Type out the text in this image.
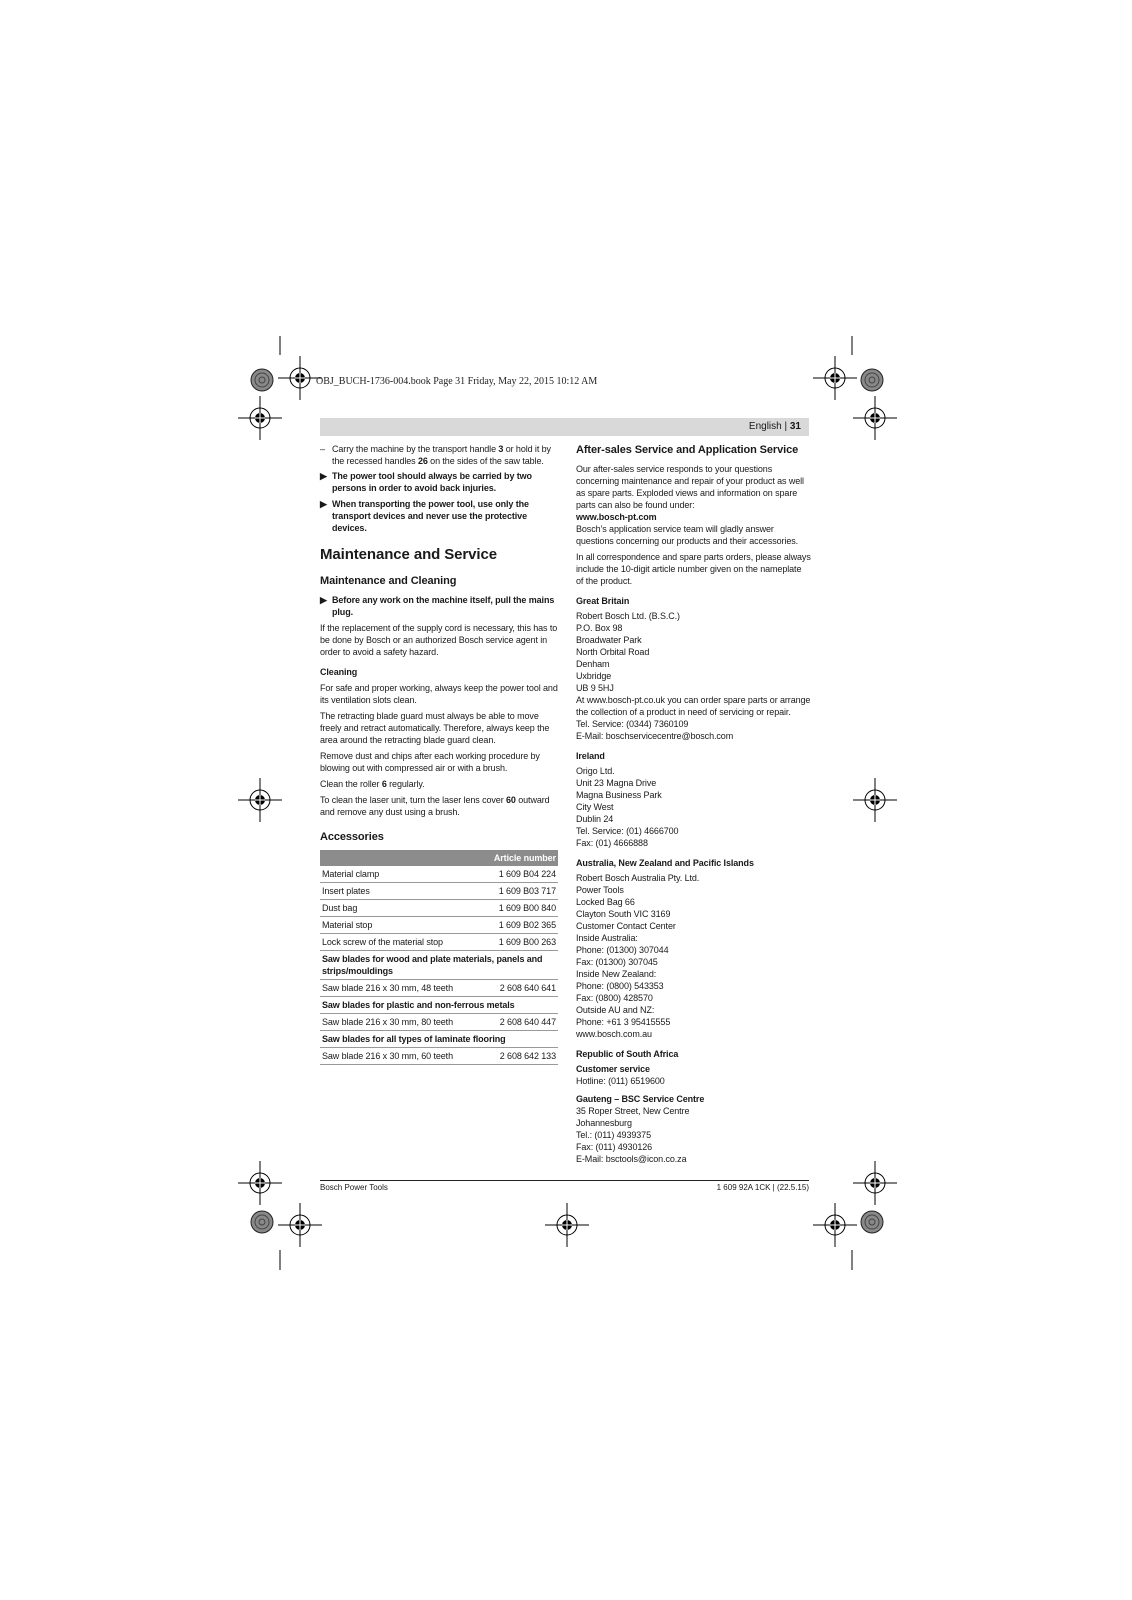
OBJ_BUCH-1736-004.book Page 31 Friday, May 22, 2015 10:12 AM
English | 31
– Carry the machine by the transport handle 3 or hold it by the recessed handles 26 on the sides of the saw table.
▶ The power tool should always be carried by two persons in order to avoid back injuries.
▶ When transporting the power tool, use only the transport devices and never use the protective devices.
Maintenance and Service
Maintenance and Cleaning
▶ Before any work on the machine itself, pull the mains plug.

If the replacement of the supply cord is necessary, this has to be done by Bosch or an authorized Bosch service agent in order to avoid a safety hazard.

Cleaning

For safe and proper working, always keep the power tool and its ventilation slots clean.

The retracting blade guard must always be able to move freely and retract automatically. Therefore, always keep the area around the retracting blade guard clean.

Remove dust and chips after each working procedure by blowing out with compressed air or with a brush.

Clean the roller 6 regularly.

To clean the laser unit, turn the laser lens cover 60 outward and remove any dust using a brush.

Accessories
Article number	
Material clamp	1 609 B04 224
Insert plates	1 609 B03 717
Dust bag	1 609 B00 840
Material stop	1 609 B02 365
Lock screw of the material stop	1 609 B00 263
Saw blades for wood and plate materials, panels and strips/mouldings	
Saw blade 216 x 30 mm, 48 teeth	2 608 640 641
Saw blades for plastic and non-ferrous metals	
Saw blade 216 x 30 mm, 80 teeth	2 608 640 447
Saw blades for all types of laminate flooring	
Saw blade 216 x 30 mm, 60 teeth	2 608 642 133
After-sales Service and Application Service

Our after-sales service responds to your questions concerning maintenance and repair of your product as well as spare parts. Exploded views and information on spare parts can also be found under:

www.bosch-pt.com

Bosch’s application service team will gladly answer questions concerning our products and their accessories.

In all correspondence and spare parts orders, please always include the 10-digit article number given on the nameplate of the product.

Great Britain

Robert Bosch Ltd. (B.S.C.)
P.O. Box 98
Broadwater Park
North Orbital Road
Denham
Uxbridge
UB 9 5HJ
At www.bosch-pt.co.uk you can order spare parts or arrange the collection of a product in need of servicing or repair.
Tel. Service: (0344) 7360109
E-Mail: boschservicecentre@bosch.com

Ireland

Origo Ltd.
Unit 23 Magna Drive
Magna Business Park
City West
Dublin 24
Tel. Service: (01) 4666700
Fax: (01) 4666888

Australia, New Zealand and Pacific Islands

Robert Bosch Australia Pty. Ltd.
Power Tools
Locked Bag 66
Clayton South VIC 3169
Customer Contact Center
Inside Australia:
Phone: (01300) 307044
Fax: (01300) 307045
Inside New Zealand:
Phone: (0800) 543353
Fax: (0800) 428570
Outside AU and NZ:
Phone: +61 3 95415555
www.bosch.com.au

Republic of South Africa

Customer service
Hotline: (011) 6519600

Gauteng – BSC Service Centre

35 Roper Street, New Centre
Johannesburg
Tel.: (011) 4939375
Fax: (011) 4930126
E-Mail: bsctools@icon.co.za
Bosch Power Tools	1 609 92A 1CK | (22.5.15)
